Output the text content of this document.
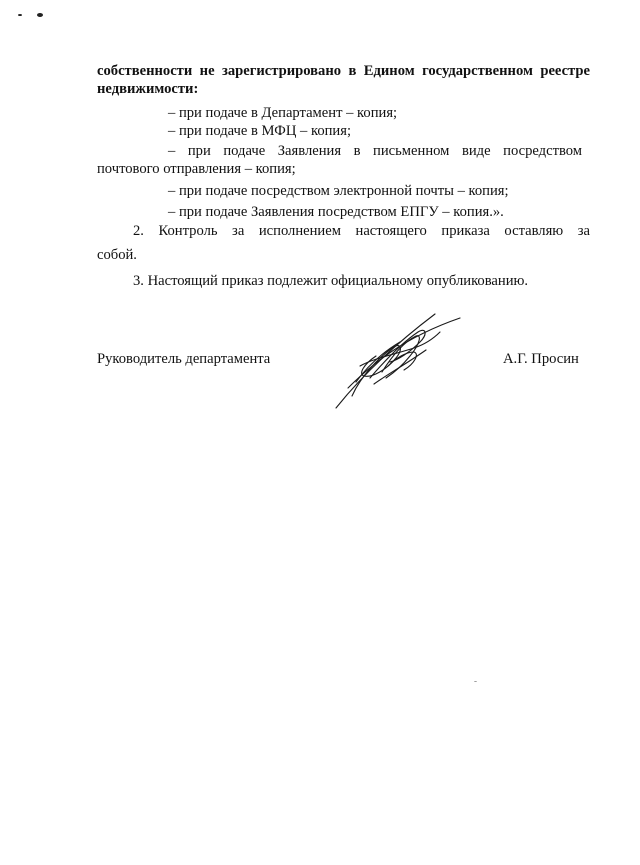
собственности не зарегистрировано в Едином государственном реестре
недвижимости:
– при подаче в Департамент – копия;
– при подаче в МФЦ – копия;
– при подаче Заявления в письменном виде посредством
почтового отправления – копия;
– при подаче посредством электронной почты – копия;
– при подаче Заявления посредством ЕПГУ – копия.».
2. Контроль за исполнением настоящего приказа оставляю за
собой.
3. Настоящий приказ подлежит официальному опубликованию.
Руководитель департамента	А.Г. Просин
